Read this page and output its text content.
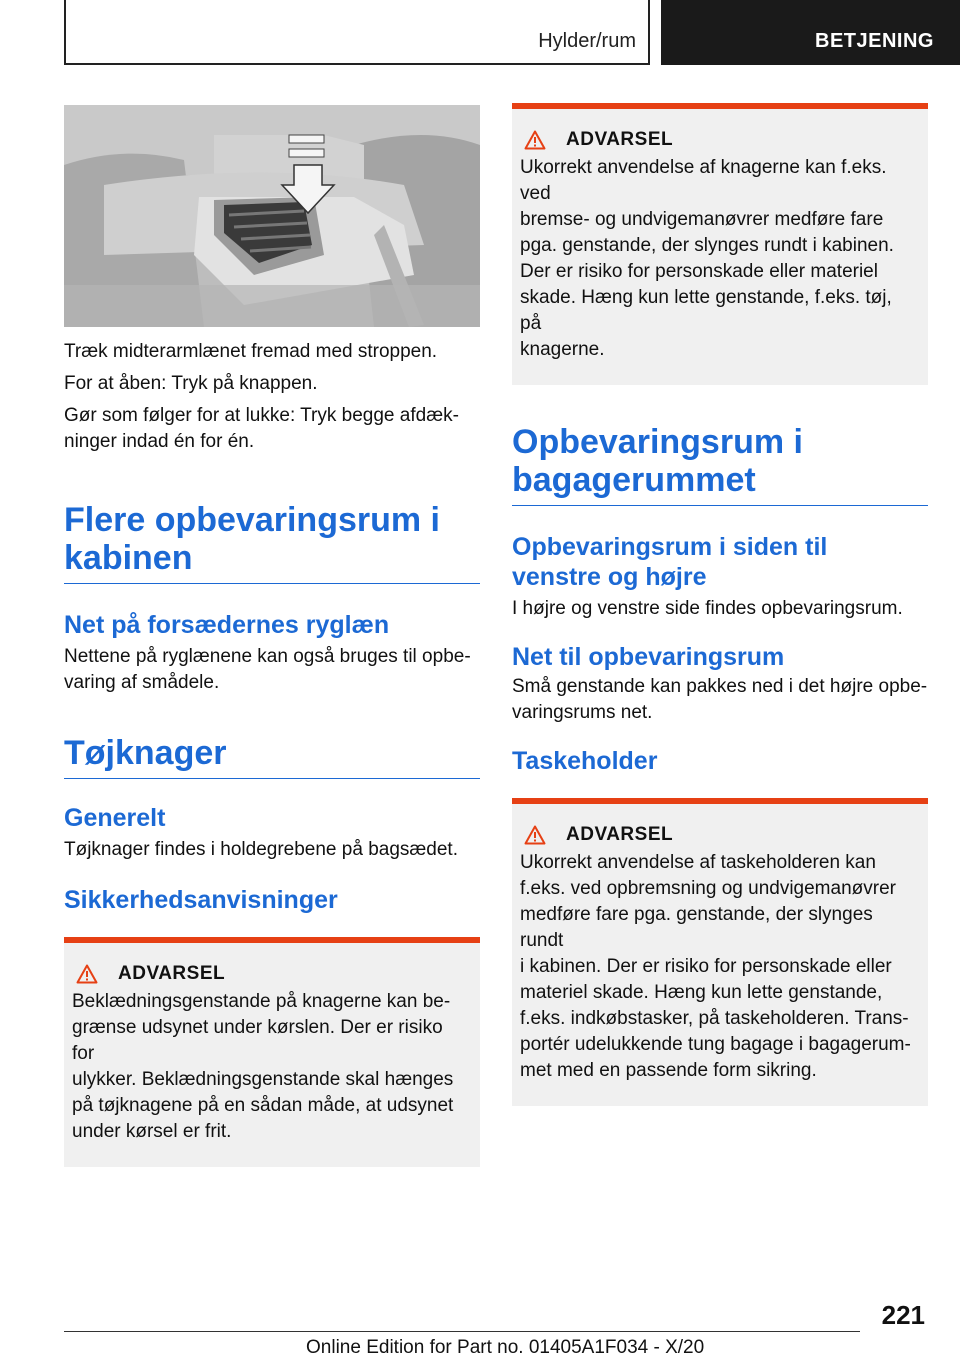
Hylder/rum	BETJENING

Træk midterarmlænet fremad med stroppen.

For at åben: Tryk på knappen.

Gør som følger for at lukke: Tryk begge afdæk-
ninger indad én for én.

Flere opbevaringsrum i
kabinen
Net på forsædernes ryglæn

Nettene på ryglænene kan også bruges til opbe-
varing af smådele.

Tøjknager
Generelt

Tøjknager findes i holdegrebene på bagsædet.

Sikkerhedsanvisninger
ADVARSEL

Beklædningsgenstande på knagerne kan be-
grænse udsynet under kørslen. Der er risiko for
ulykker. Beklædningsgenstande skal hænges
på tøjknagene på en sådan måde, at udsynet
under kørsel er frit.

ADVARSEL

Ukorrekt anvendelse af knagerne kan f.eks. ved
bremse- og undvigemanøvrer medføre fare
pga. genstande, der slynges rundt i kabinen.
Der er risiko for personskade eller materiel
skade. Hæng kun lette genstande, f.eks. tøj, på
knagerne.

Opbevaringsrum i
bagagerummet
Opbevaringsrum i siden til
venstre og højre

I højre og venstre side findes opbevaringsrum.

Net til opbevaringsrum

Små genstande kan pakkes ned i det højre opbe-
varingsrums net.

Taskeholder
ADVARSEL

Ukorrekt anvendelse af taskeholderen kan
f.eks. ved opbremsning og undvigemanøvrer
medføre fare pga. genstande, der slynges rundt
i kabinen. Der er risiko for personskade eller
materiel skade. Hæng kun lette genstande,
f.eks. indkøbstasker, på taskeholderen. Trans-
portér udelukkende tung bagage i bagagerum-
met med en passende form sikring.

221
Online Edition for Part no. 01405A1F034 - X/20
